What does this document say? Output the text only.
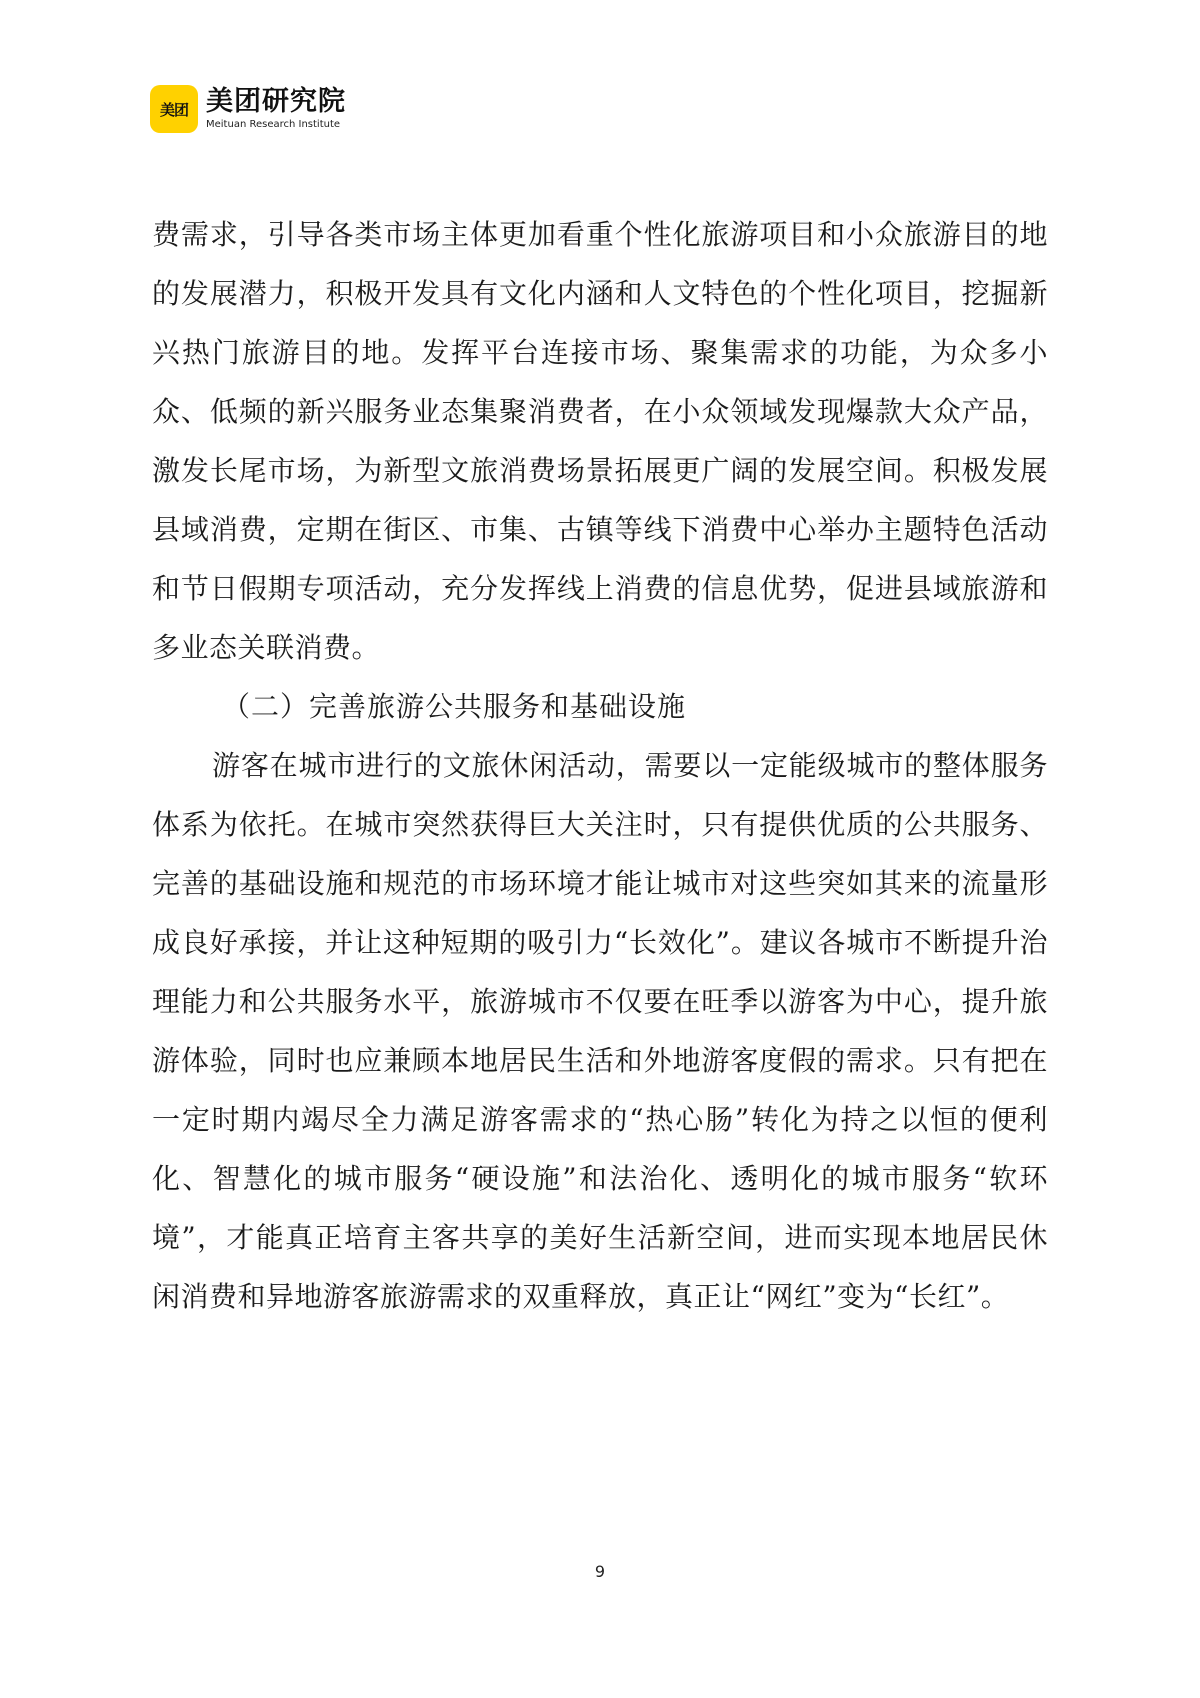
美团 美团研究院
Meituan Research Institute

费需求，引导各类市场主体更加看重个性化旅游项目和小众旅游目的地的发展潜力，积极开发具有文化内涵和人文特色的个性化项目，挖掘新兴热门旅游目的地。发挥平台连接市场、聚集需求的功能，为众多小众、低频的新兴服务业态集聚消费者，在小众领域发现爆款大众产品，激发长尾市场，为新型文旅消费场景拓展更广阔的发展空间。积极发展县域消费，定期在街区、市集、古镇等线下消费中心举办主题特色活动和节日假期专项活动，充分发挥线上消费的信息优势，促进县域旅游和多业态关联消费。

（二）完善旅游公共服务和基础设施

游客在城市进行的文旅休闲活动，需要以一定能级城市的整体服务体系为依托。在城市突然获得巨大关注时，只有提供优质的公共服务、完善的基础设施和规范的市场环境才能让城市对这些突如其来的流量形成良好承接，并让这种短期的吸引力“长效化”。建议各城市不断提升治理能力和公共服务水平，旅游城市不仅要在旺季以游客为中心，提升旅游体验，同时也应兼顾本地居民生活和外地游客度假的需求。只有把在一定时期内竭尽全力满足游客需求的“热心肠”转化为持之以恒的便利化、智慧化的城市服务“硬设施”和法治化、透明化的城市服务“软环境”，才能真正培育主客共享的美好生活新空间，进而实现本地居民休闲消费和异地游客旅游需求的双重释放，真正让“网红”变为“长红”。

9
